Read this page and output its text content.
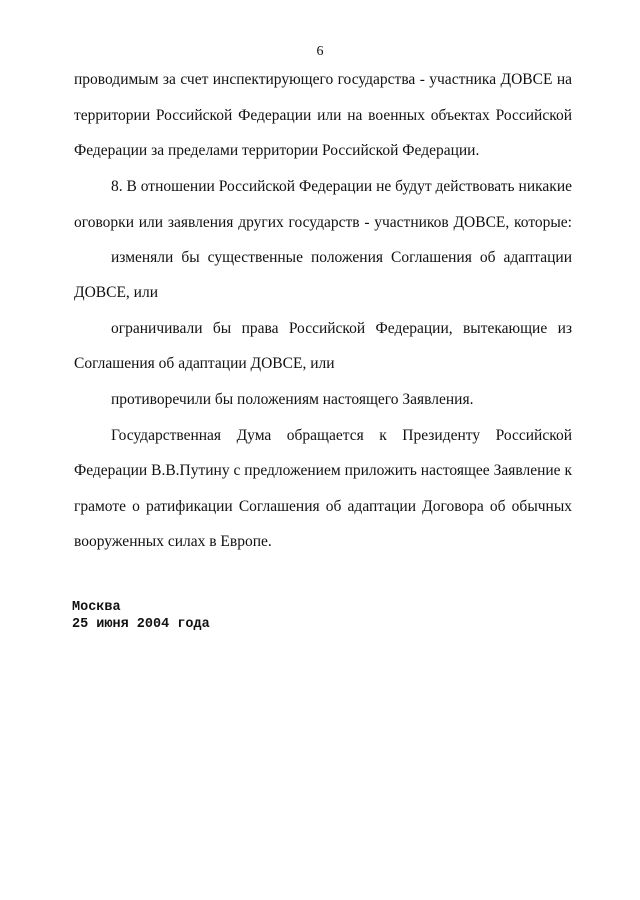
6
проводимым за счет инспектирующего государства - участника ДОВСЕ на
территории Российской Федерации или на военных объектах Российской
Федерации за пределами территории Российской Федерации.
8. В отношении Российской Федерации не будут действовать никакие
оговорки или заявления других государств - участников ДОВСЕ, которые:
изменяли бы существенные положения Соглашения об адаптации
ДОВСЕ, или
ограничивали бы права Российской Федерации, вытекающие из
Соглашения об адаптации ДОВСЕ, или
противоречили бы положениям настоящего Заявления.
Государственная Дума обращается к Президенту Российской
Федерации В.В.Путину с предложением приложить настоящее Заявление к
грамоте о ратификации Соглашения об адаптации Договора об обычных
вооруженных силах в Европе.
Москва
25 июня 2004 года
